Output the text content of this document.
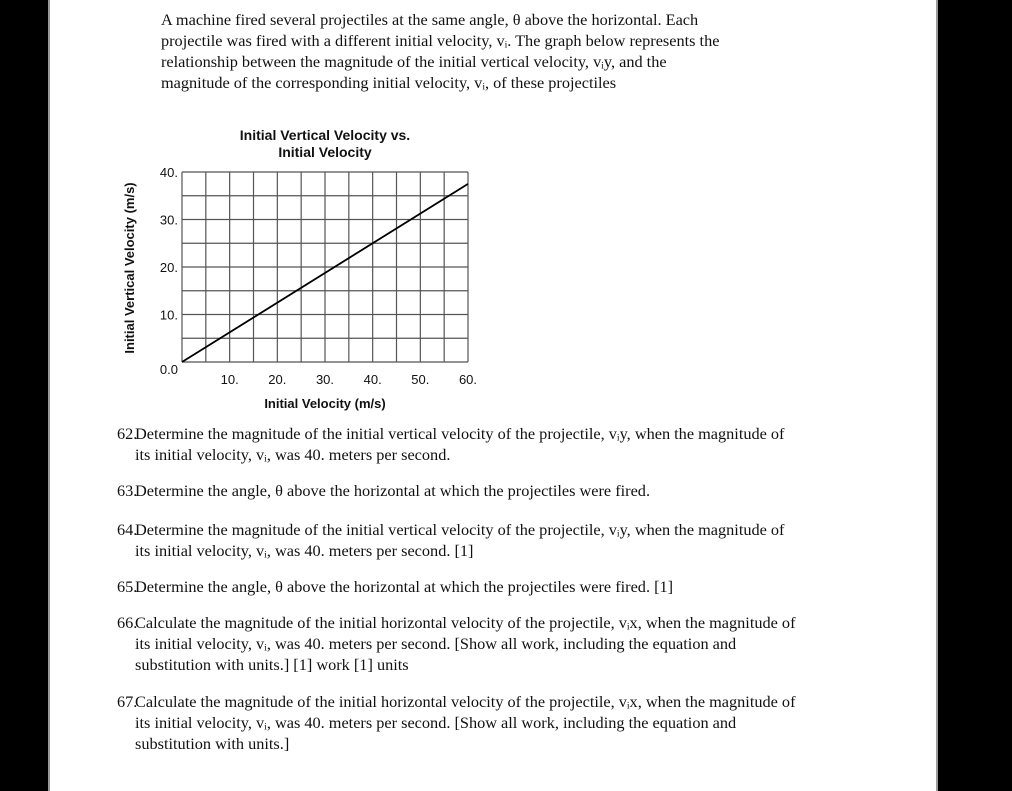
A machine fired several projectiles at the same angle, θ above the horizontal. Each
projectile was fired with a different initial velocity, vᵢ. The graph below represents the
relationship between the magnitude of the initial vertical velocity, vᵢy, and the
magnitude of the corresponding initial velocity, vᵢ, of these projectiles
Initial Vertical Velocity vs.
Initial Velocity
Initial Velocity (m/s)
Initial Vertical Velocity (m/s)
0.0
10.
20.
30.
40.
10. 20. 30. 40. 50. 60.
62.
Determine the magnitude of the initial vertical velocity of the projectile, vᵢy, when the magnitude of
its initial velocity, vᵢ, was 40. meters per second.
63.
Determine the angle, θ above the horizontal at which the projectiles were fired.
64.
Determine the magnitude of the initial vertical velocity of the projectile, vᵢy, when the magnitude of
its initial velocity, vᵢ, was 40. meters per second. [1]
65.
Determine the angle, θ above the horizontal at which the projectiles were fired. [1]
66.
Calculate the magnitude of the initial horizontal velocity of the projectile, vᵢx, when the magnitude of
its initial velocity, vᵢ, was 40. meters per second. [Show all work, including the equation and
substitution with units.] [1] work [1] units
67.
Calculate the magnitude of the initial horizontal velocity of the projectile, vᵢx, when the magnitude of
its initial velocity, vᵢ, was 40. meters per second. [Show all work, including the equation and
substitution with units.]
